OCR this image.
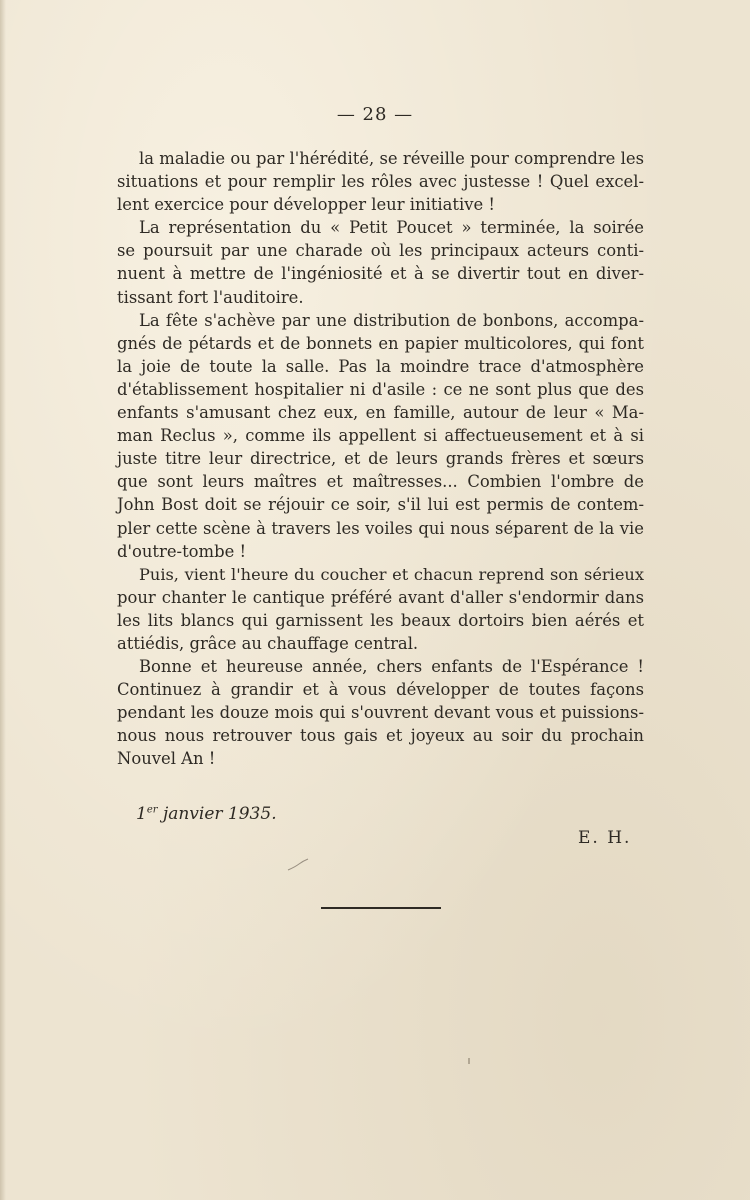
— 28 —

la maladie ou par l'hérédité, se réveille pour comprendre les
situations et pour remplir les rôles avec justesse ! Quel excel-
lent exercice pour développer leur initiative !

La représentation du « Petit Poucet » terminée, la soirée
se poursuit par une charade où les principaux acteurs conti-
nuent à mettre de l'ingéniosité et à se divertir tout en diver-
tissant fort l'auditoire.

La fête s'achève par une distribution de bonbons, accompa-
gnés de pétards et de bonnets en papier multicolores, qui font
la joie de toute la salle. Pas la moindre trace d'atmosphère
d'établissement hospitalier ni d'asile : ce ne sont plus que des
enfants s'amusant chez eux, en famille, autour de leur « Ma-
man Reclus », comme ils appellent si affectueusement et à si
juste titre leur directrice, et de leurs grands frères et sœurs
que sont leurs maîtres et maîtresses... Combien l'ombre de
John Bost doit se réjouir ce soir, s'il lui est permis de contem-
pler cette scène à travers les voiles qui nous séparent de la vie
d'outre-tombe !

Puis, vient l'heure du coucher et chacun reprend son sérieux
pour chanter le cantique préféré avant d'aller s'endormir dans
les lits blancs qui garnissent les beaux dortoirs bien aérés et
attiédis, grâce au chauffage central.

Bonne et heureuse année, chers enfants de l'Espérance !
Continuez à grandir et à vous développer de toutes façons
pendant les douze mois qui s'ouvrent devant vous et puissions-
nous nous retrouver tous gais et joyeux au soir du prochain
Nouvel An !

1er janvier 1935.
E. H.
